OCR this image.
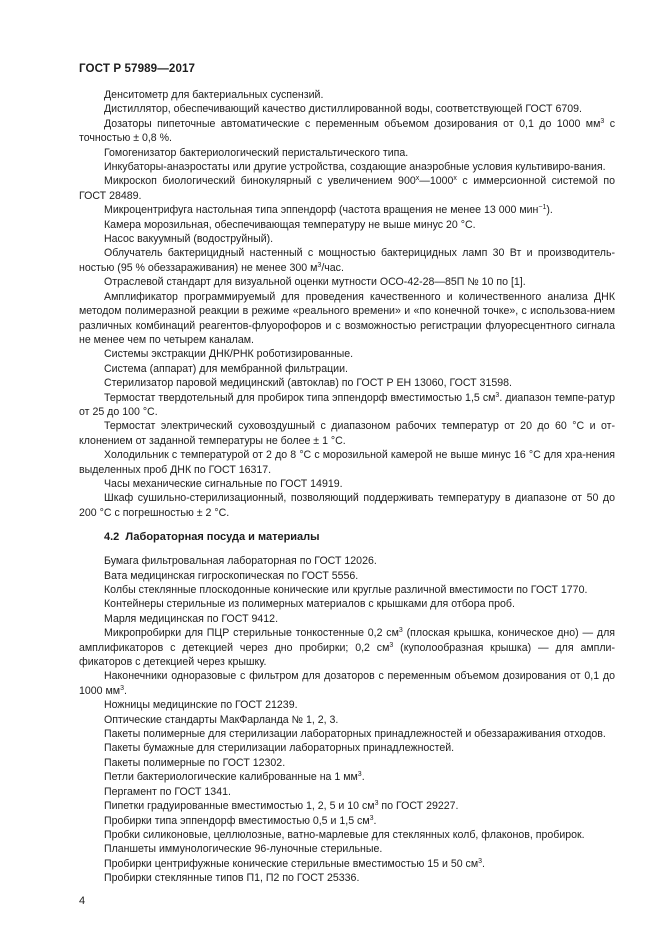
ГОСТ Р 57989—2017

Денситометр для бактериальных суспензий.

Дистиллятор, обеспечивающий качество дистиллированной воды, соответствующей ГОСТ 6709.

Дозаторы пипеточные автоматические с переменным объемом дозирования от 0,1 до 1000 $мм^3$ с точностью ± 0,8 %.

Гомогенизатор бактериологический перистальтического типа.

Инкубаторы-анаэростаты или другие устройства, создающие анаэробные условия культивиро-вания.

Микроскоп биологический бинокулярный с увеличением $900^х—1000^х$ с иммерсионной системой по ГОСТ 28489.

Микроцентрифуга настольная типа эппендорф (частота вращения не менее 13 000 мин$^{-1}$).

Камера морозильная, обеспечивающая температуру не выше минус 20 °С.

Насос вакуумный (водоструйный).

Облучатель бактерицидный настенный с мощностью бактерицидных ламп 30 Вт и производитель-ностью (95 % обеззараживания) не менее 300 $м^3$/час.

Отраслевой стандарт для визуальной оценки мутности ОСО-42-28—85П № 10 по [1].

Амплификатор программируемый для проведения качественного и количественного анализа ДНК методом полимеразной реакции в режиме «реального времени» и «по конечной точке», с использова-нием различных комбинаций реагентов-флуорофоров и с возможностью регистрации флуоресцентного сигнала не менее чем по четырем каналам.

Системы экстракции ДНК/РНК роботизированные.

Система (аппарат) для мембранной фильтрации.

Стерилизатор паровой медицинский (автоклав) по ГОСТ Р ЕН 13060, ГОСТ 31598.

Термостат твердотельный для пробирок типа эппендорф вместимостью 1,5 $см^3$. диапазон темпе-ратур от 25 до 100 °С.

Термостат электрический суховоздушный с диапазоном рабочих температур от 20 до 60 °С и от-клонением от заданной температуры не более ± 1 °С.

Холодильник с температурой от 2 до 8 °С с морозильной камерой не выше минус 16 °С для хра-нения выделенных проб ДНК по ГОСТ 16317.

Часы механические сигнальные по ГОСТ 14919.

Шкаф сушильно-стерилизационный, позволяющий поддерживать температуру в диапазоне от 50 до 200 °С с погрешностью ± 2 °С.

4.2 Лабораторная посуда и материалы

Бумага фильтровальная лабораторная по ГОСТ 12026.

Вата медицинская гигроскопическая по ГОСТ 5556.

Колбы стеклянные плоскодонные конические или круглые различной вместимости по ГОСТ 1770.

Контейнеры стерильные из полимерных материалов с крышками для отбора проб.

Марля медицинская по ГОСТ 9412.

Микропробирки для ПЦР стерильные тонкостенные 0,2 $см^3$ (плоская крышка, коническое дно) — для амплификаторов с детекцией через дно пробирки; 0,2 $см^3$ (куполообразная крышка) — для ампли-фикаторов с детекцией через крышку.

Наконечники одноразовые с фильтром для дозаторов с переменным объемом дозирования от 0,1 до 1000 $мм^3$.

Ножницы медицинские по ГОСТ 21239.

Оптические стандарты МакФарланда № 1, 2, 3.

Пакеты полимерные для стерилизации лабораторных принадлежностей и обеззараживания отходов.

Пакеты бумажные для стерилизации лабораторных принадлежностей.

Пакеты полимерные по ГОСТ 12302.

Петли бактериологические калиброванные на 1 $мм^3$.

Пергамент по ГОСТ 1341.

Пипетки градуированные вместимостью 1, 2, 5 и 10 $см^3$ по ГОСТ 29227.

Пробирки типа эппендорф вместимостью 0,5 и 1,5 $см^3$.

Пробки силиконовые, целлюлозные, ватно-марлевые для стеклянных колб, флаконов, пробирок.

Планшеты иммунологические 96-луночные стерильные.

Пробирки центрифужные конические стерильные вместимостью 15 и 50 $см^3$.

Пробирки стеклянные типов П1, П2 по ГОСТ 25336.

4
